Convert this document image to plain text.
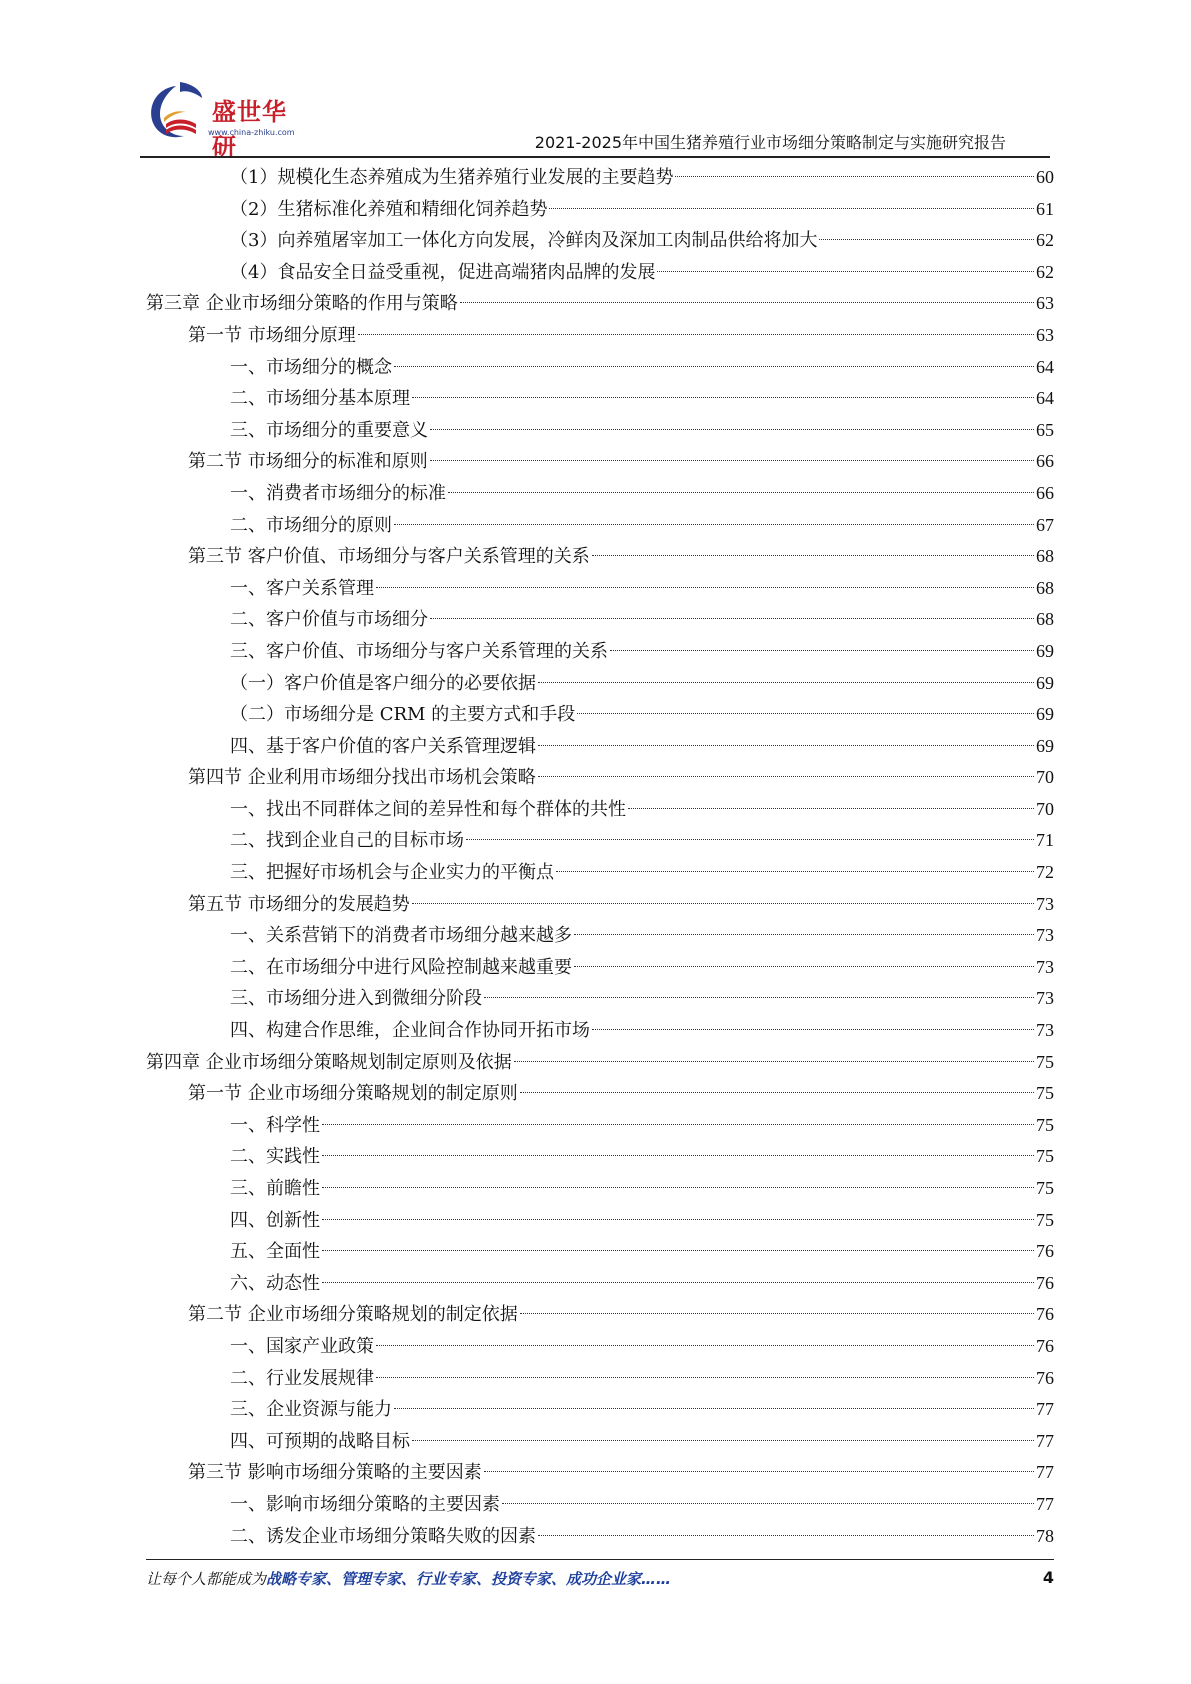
盛世华研
www.china-zhiku.com
2021-2025年中国生猪养殖行业市场细分策略制定与实施研究报告
（1）规模化生态养殖成为生猪养殖行业发展的主要趋势	60
（2）生猪标准化养殖和精细化饲养趋势	61
（3）向养殖屠宰加工一体化方向发展，冷鲜肉及深加工肉制品供给将加大	62
（4）食品安全日益受重视，促进高端猪肉品牌的发展	62
第三章 企业市场细分策略的作用与策略	63
第一节 市场细分原理	63
一、市场细分的概念	64
二、市场细分基本原理	64
三、市场细分的重要意义	65
第二节 市场细分的标准和原则	66
一、消费者市场细分的标准	66
二、市场细分的原则	67
第三节 客户价值、市场细分与客户关系管理的关系	68
一、客户关系管理	68
二、客户价值与市场细分	68
三、客户价值、市场细分与客户关系管理的关系	69
（一）客户价值是客户细分的必要依据	69
（二）市场细分是 CRM 的主要方式和手段	69
四、基于客户价值的客户关系管理逻辑	69
第四节 企业利用市场细分找出市场机会策略	70
一、找出不同群体之间的差异性和每个群体的共性	70
二、找到企业自己的目标市场	71
三、把握好市场机会与企业实力的平衡点	72
第五节 市场细分的发展趋势	73
一、关系营销下的消费者市场细分越来越多	73
二、在市场细分中进行风险控制越来越重要	73
三、市场细分进入到微细分阶段	73
四、构建合作思维，企业间合作协同开拓市场	73
第四章 企业市场细分策略规划制定原则及依据	75
第一节 企业市场细分策略规划的制定原则	75
一、科学性	75
二、实践性	75
三、前瞻性	75
四、创新性	75
五、全面性	76
六、动态性	76
第二节 企业市场细分策略规划的制定依据	76
一、国家产业政策	76
二、行业发展规律	76
三、企业资源与能力	77
四、可预期的战略目标	77
第三节 影响市场细分策略的主要因素	77
一、影响市场细分策略的主要因素	77
二、诱发企业市场细分策略失败的因素	78
让每个人都能成为战略专家、管理专家、行业专家、投资专家、成功企业家……	4
